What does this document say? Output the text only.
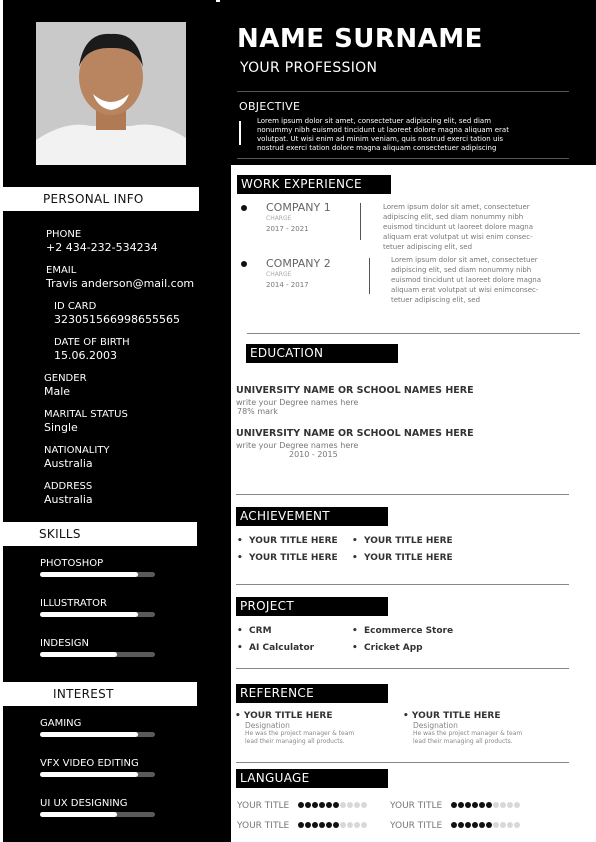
NAME SURNAME
YOUR PROFESSION
OBJECTIVE
Lorem ipsum dolor sit amet, consectetuer adipiscing elit, sed diam
nonummy nibh euismod tincidunt ut laoreet dolore magna aliquam erat
volutpat. Ut wisi enim ad minim veniam, quis nostrud exerci tation uis
nostrud exerci tation dolore magna aliquam consectetuer adipiscing
PERSONAL INFO
PHONE
+2 434-232-534234
EMAIL
Travis anderson@mail.com
ID CARD
323051566998655565
DATE OF BIRTH
15.06.2003
GENDER
Male
MARITAL STATUS
Single
NATIONALITY
Australia
ADDRESS
Australia
SKILLS
PHOTOSHOP
ILLUSTRATOR
INDESIGN
INTEREST
GAMING
VFX VIDEO EDITING
UI UX DESIGNING
WORK EXPERIENCE
COMPANY 1
CHARGE
2017 - 2021
Lorem ipsum dolor sit amet, consectetuer
adipiscing elit, sed diam nonummy nibh
euismod tincidunt ut laoreet dolore magna
aliquam erat volutpat ut wisi enim consec-
tetuer adipiscing elit, sed
COMPANY 2
CHARGE
2014 - 2017
Lorem ipsum dolor sit amet, consectetuer
adipiscing elit, sed diam nonummy nibh
euismod tincidunt ut laoreet dolore magna
aliquam erat volutpat ut wisi enimconsec-
tetuer adipiscing elit, sed
EDUCATION
UNIVERSITY NAME OR SCHOOL NAMES HERE
write your Degree names here
78% mark
UNIVERSITY NAME OR SCHOOL NAMES HERE
write your Degree names here
2010 - 2015
ACHIEVEMENT
•  YOUR TITLE HERE •  YOUR TITLE HERE
•  YOUR TITLE HERE •  YOUR TITLE HERE
PROJECT
•  CRM	•  Ecommerce Store
•  AI Calculator	•  Cricket App
REFERENCE
• YOUR TITLE HERE
Designation
He was the project manager & team
lead their managing all products.
• YOUR TITLE HERE
Designation
He was the project manager & team
lead their managing all products.
LANGUAGE
YOUR TITLE	YOUR TITLE
YOUR TITLE	YOUR TITLE
